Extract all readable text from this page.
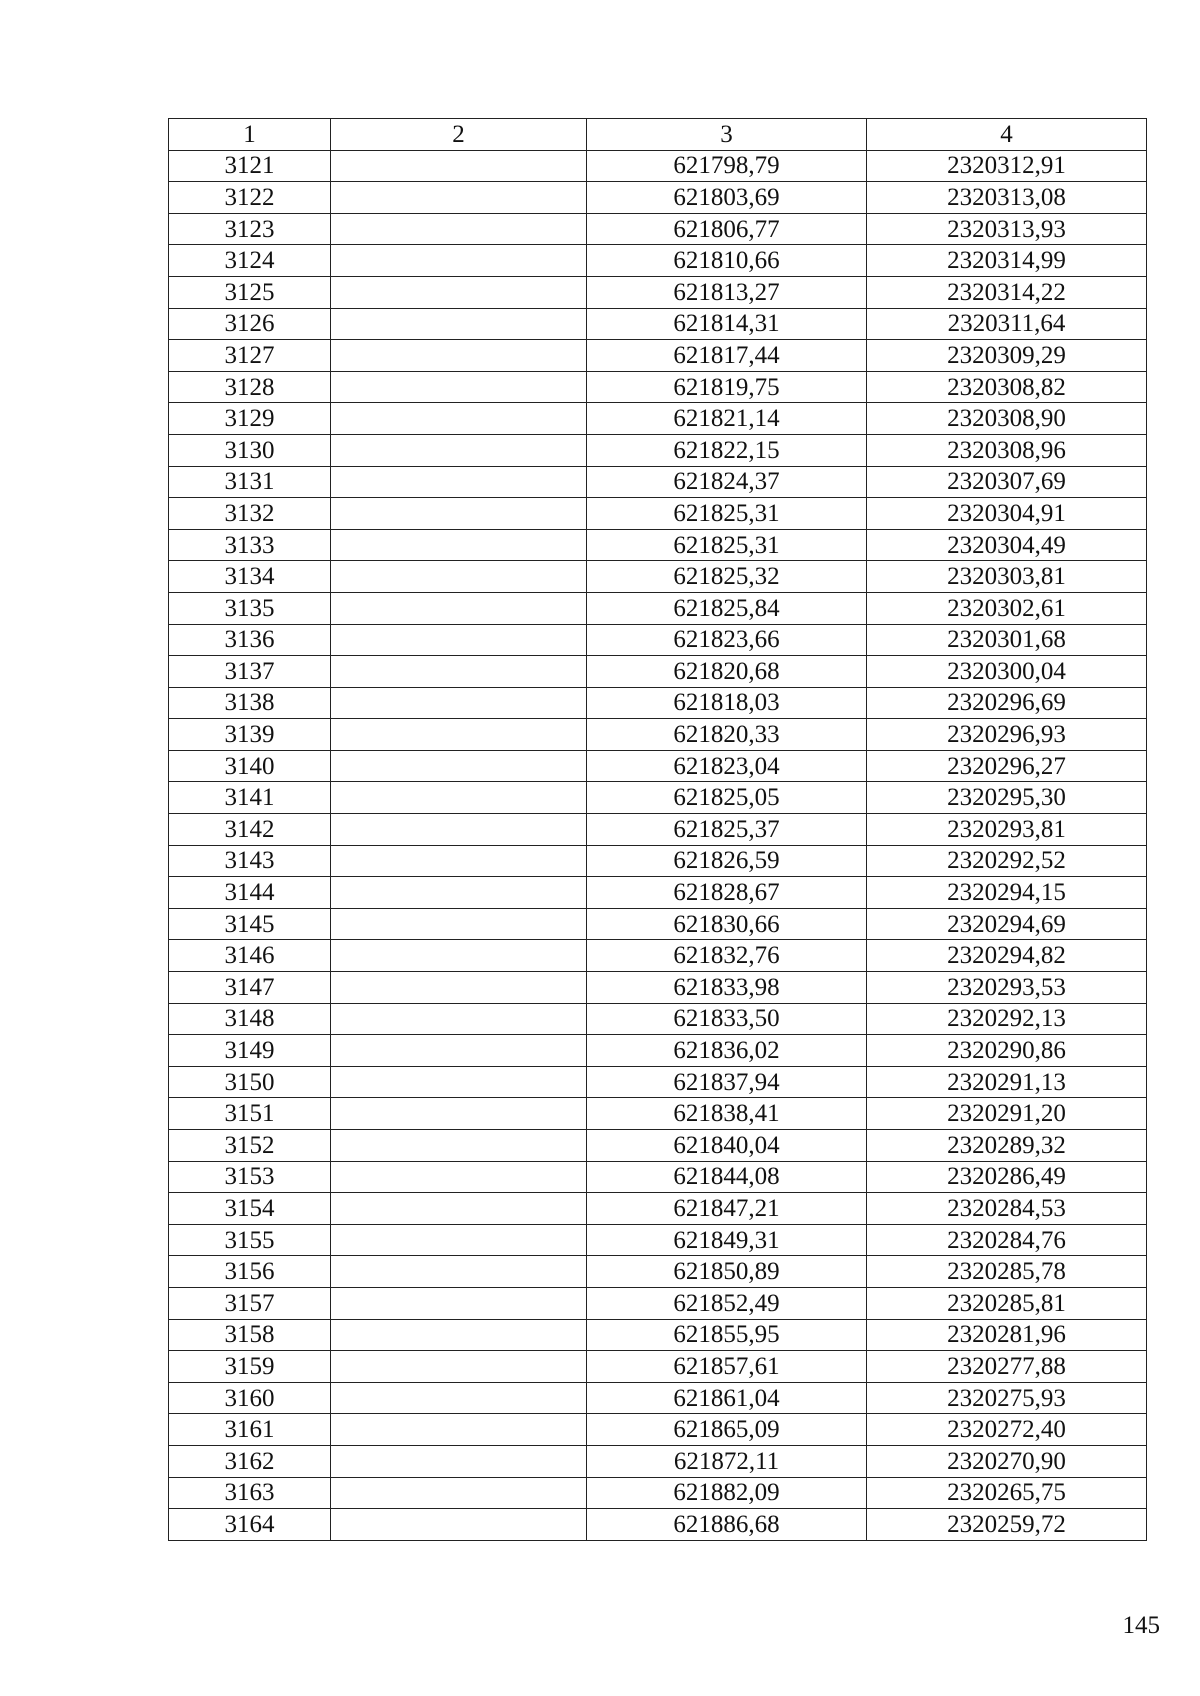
1	2	3	4
3121		621798,79	2320312,91
3122		621803,69	2320313,08
3123		621806,77	2320313,93
3124		621810,66	2320314,99
3125		621813,27	2320314,22
3126		621814,31	2320311,64
3127		621817,44	2320309,29
3128		621819,75	2320308,82
3129		621821,14	2320308,90
3130		621822,15	2320308,96
3131		621824,37	2320307,69
3132		621825,31	2320304,91
3133		621825,31	2320304,49
3134		621825,32	2320303,81
3135		621825,84	2320302,61
3136		621823,66	2320301,68
3137		621820,68	2320300,04
3138		621818,03	2320296,69
3139		621820,33	2320296,93
3140		621823,04	2320296,27
3141		621825,05	2320295,30
3142		621825,37	2320293,81
3143		621826,59	2320292,52
3144		621828,67	2320294,15
3145		621830,66	2320294,69
3146		621832,76	2320294,82
3147		621833,98	2320293,53
3148		621833,50	2320292,13
3149		621836,02	2320290,86
3150		621837,94	2320291,13
3151		621838,41	2320291,20
3152		621840,04	2320289,32
3153		621844,08	2320286,49
3154		621847,21	2320284,53
3155		621849,31	2320284,76
3156		621850,89	2320285,78
3157		621852,49	2320285,81
3158		621855,95	2320281,96
3159		621857,61	2320277,88
3160		621861,04	2320275,93
3161		621865,09	2320272,40
3162		621872,11	2320270,90
3163		621882,09	2320265,75
3164		621886,68	2320259,72
145
